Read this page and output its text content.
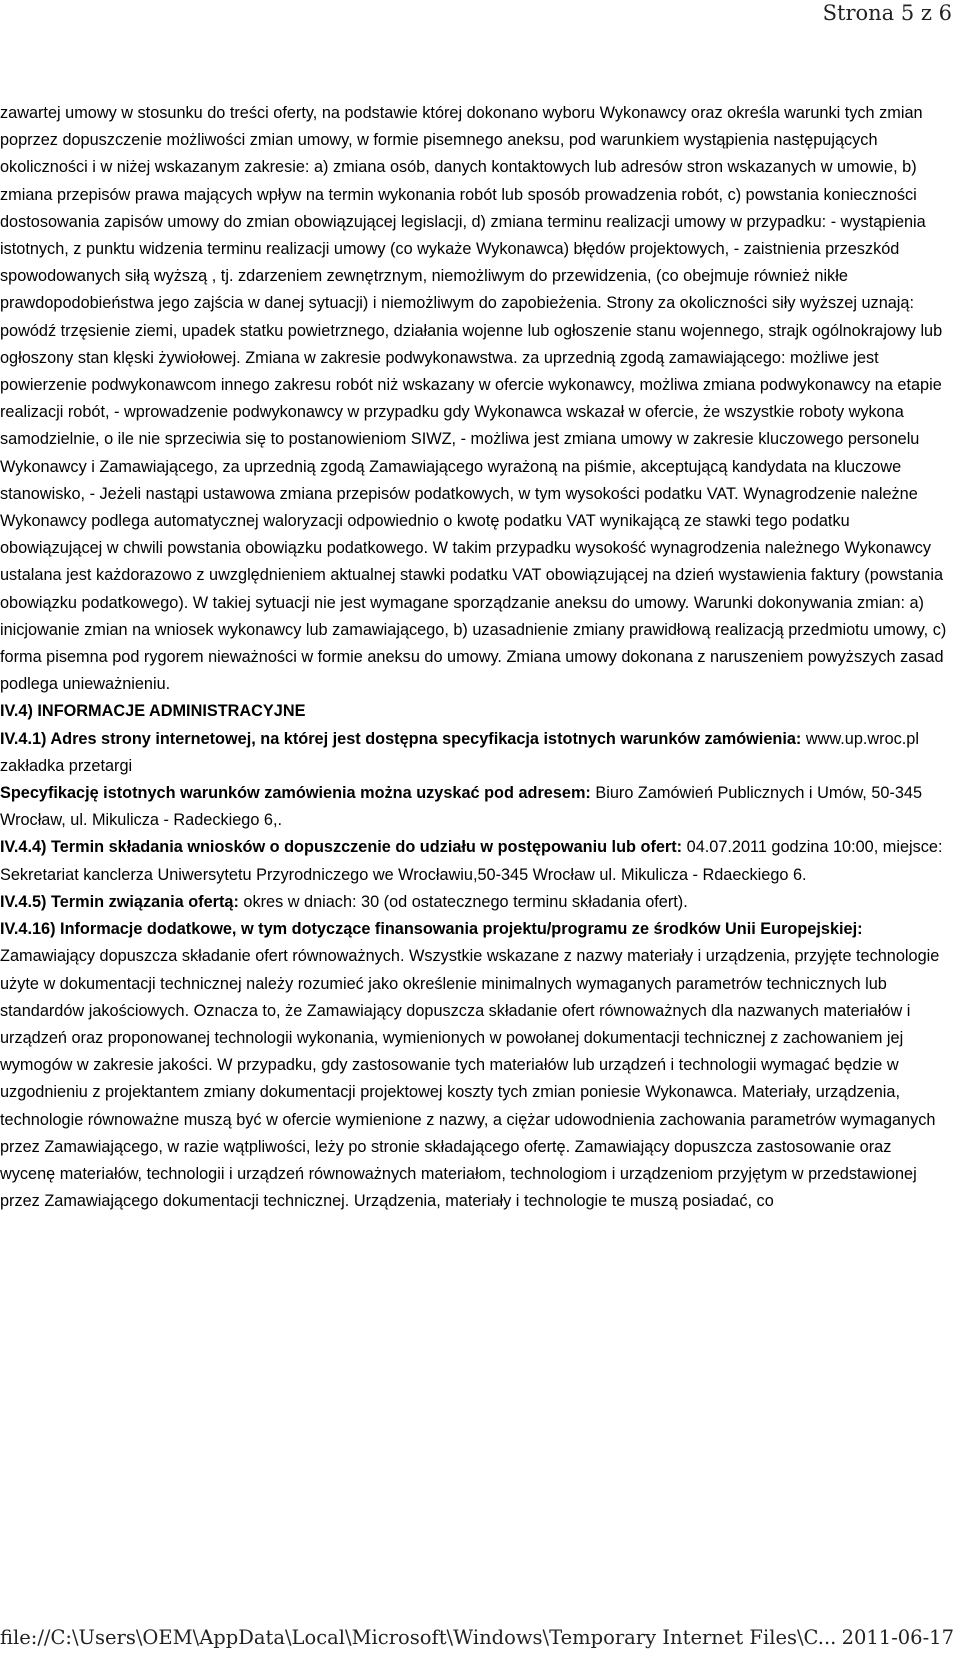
Strona 5 z 6

zawartej umowy w stosunku do treści oferty, na podstawie której dokonano wyboru Wykonawcy oraz określa warunki tych zmian poprzez dopuszczenie możliwości zmian umowy, w formie pisemnego aneksu, pod warunkiem wystąpienia następujących okoliczności i w niżej wskazanym zakresie: a) zmiana osób, danych kontaktowych lub adresów stron wskazanych w umowie, b) zmiana przepisów prawa mających wpływ na termin wykonania robót lub sposób prowadzenia robót, c) powstania konieczności dostosowania zapisów umowy do zmian obowiązującej legislacji, d) zmiana terminu realizacji umowy w przypadku: - wystąpienia istotnych, z punktu widzenia terminu realizacji umowy (co wykaże Wykonawca) błędów projektowych, - zaistnienia przeszkód spowodowanych siłą wyższą , tj. zdarzeniem zewnętrznym, niemożliwym do przewidzenia, (co obejmuje również nikłe prawdopodobieństwa jego zajścia w danej sytuacji) i niemożliwym do zapobieżenia. Strony za okoliczności siły wyższej uznają: powódź trzęsienie ziemi, upadek statku powietrznego, działania wojenne lub ogłoszenie stanu wojennego, strajk ogólnokrajowy lub ogłoszony stan klęski żywiołowej. Zmiana w zakresie podwykonawstwa. za uprzednią zgodą zamawiającego: możliwe jest powierzenie podwykonawcom innego zakresu robót niż wskazany w ofercie wykonawcy, możliwa zmiana podwykonawcy na etapie realizacji robót, - wprowadzenie podwykonawcy w przypadku gdy Wykonawca wskazał w ofercie, że wszystkie roboty wykona samodzielnie, o ile nie sprzeciwia się to postanowieniom SIWZ, - możliwa jest zmiana umowy w zakresie kluczowego personelu Wykonawcy i Zamawiającego, za uprzednią zgodą Zamawiającego wyrażoną na piśmie, akceptującą kandydata na kluczowe stanowisko, - Jeżeli nastąpi ustawowa zmiana przepisów podatkowych, w tym wysokości podatku VAT. Wynagrodzenie należne Wykonawcy podlega automatycznej waloryzacji odpowiednio o kwotę podatku VAT wynikającą ze stawki tego podatku obowiązującej w chwili powstania obowiązku podatkowego. W takim przypadku wysokość wynagrodzenia należnego Wykonawcy ustalana jest każdorazowo z uwzględnieniem aktualnej stawki podatku VAT obowiązującej na dzień wystawienia faktury (powstania obowiązku podatkowego). W takiej sytuacji nie jest wymagane sporządzanie aneksu do umowy. Warunki dokonywania zmian: a) inicjowanie zmian na wniosek wykonawcy lub zamawiającego, b) uzasadnienie zmiany prawidłową realizacją przedmiotu umowy, c) forma pisemna pod rygorem nieważności w formie aneksu do umowy. Zmiana umowy dokonana z naruszeniem powyższych zasad podlega unieważnieniu.

IV.4) INFORMACJE ADMINISTRACYJNE

IV.4.1) Adres strony internetowej, na której jest dostępna specyfikacja istotnych warunków zamówienia: www.up.wroc.pl zakładka przetargi

Specyfikację istotnych warunków zamówienia można uzyskać pod adresem: Biuro Zamówień Publicznych i Umów, 50-345 Wrocław, ul. Mikulicza - Radeckiego 6,.

IV.4.4) Termin składania wniosków o dopuszczenie do udziału w postępowaniu lub ofert: 04.07.2011 godzina 10:00, miejsce: Sekretariat kanclerza Uniwersytetu Przyrodniczego we Wrocławiu,50-345 Wrocław ul. Mikulicza - Rdaeckiego 6.

IV.4.5) Termin związania ofertą: okres w dniach: 30 (od ostatecznego terminu składania ofert).

IV.4.16) Informacje dodatkowe, w tym dotyczące finansowania projektu/programu ze środków Unii Europejskiej: Zamawiający dopuszcza składanie ofert równoważnych. Wszystkie wskazane z nazwy materiały i urządzenia, przyjęte technologie użyte w dokumentacji technicznej należy rozumieć jako określenie minimalnych wymaganych parametrów technicznych lub standardów jakościowych. Oznacza to, że Zamawiający dopuszcza składanie ofert równoważnych dla nazwanych materiałów i urządzeń oraz proponowanej technologii wykonania, wymienionych w powołanej dokumentacji technicznej z zachowaniem jej wymogów w zakresie jakości. W przypadku, gdy zastosowanie tych materiałów lub urządzeń i technologii wymagać będzie w uzgodnieniu z projektantem zmiany dokumentacji projektowej koszty tych zmian poniesie Wykonawca. Materiały, urządzenia, technologie równoważne muszą być w ofercie wymienione z nazwy, a ciężar udowodnienia zachowania parametrów wymaganych przez Zamawiającego, w razie wątpliwości, leży po stronie składającego ofertę. Zamawiający dopuszcza zastosowanie oraz wycenę materiałów, technologii i urządzeń równoważnych materiałom, technologiom i urządzeniom przyjętym w przedstawionej przez Zamawiającego dokumentacji technicznej. Urządzenia, materiały i technologie te muszą posiadać, co

file://C:\Users\OEM\AppData\Local\Microsoft\Windows\Temporary Internet Files\C... 2011-06-17
